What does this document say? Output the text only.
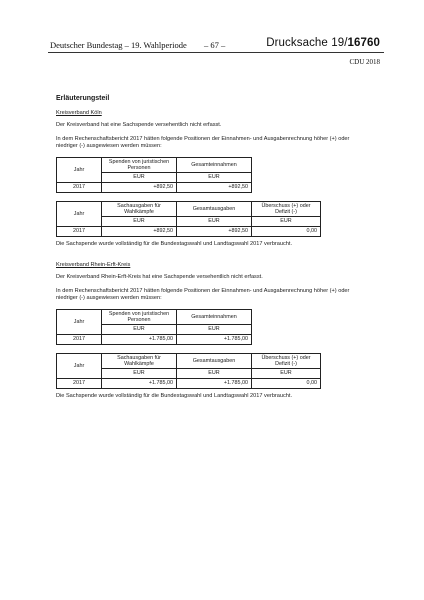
Deutscher Bundestag – 19. Wahlperiode – 67 –	Drucksache 19/16760
CDU 2018
Erläuterungsteil
Kreisverband Köln
Der Kreisverband hat eine Sachspende versehentlich nicht erfasst.
In dem Rechenschaftsbericht 2017 hätten folgende Positionen der Einnahmen- und Ausgabenrechnung höher (+) oder niedriger (-) ausgewiesen werden müssen:
Jahr	Spenden von juristischen Personen	Gesamteinnahmen
	EUR	EUR
2017	+892,50	+892,50
Jahr	Sachausgaben für Wahlkämpfe	Gesamtausgaben	Überschuss (+) oder Defizit (-)
	EUR	EUR	EUR
2017	+892,50	+892,50	0,00
Die Sachspende wurde vollständig für die Bundestagswahl und Landtagswahl 2017 verbraucht.
Kreisverband Rhein-Erft-Kreis
Der Kreisverband Rhein-Erft-Kreis hat eine Sachspende versehentlich nicht erfasst.
In dem Rechenschaftsbericht 2017 hätten folgende Positionen der Einnahmen- und Ausgabenrechnung höher (+) oder niedriger (-) ausgewiesen werden müssen:
Jahr	Spenden von juristischen Personen	Gesamteinnahmen
	EUR	EUR
2017	+1.785,00	+1.785,00
Jahr	Sachausgaben für Wahlkämpfe	Gesamtausgaben	Überschuss (+) oder Defizit (-)
	EUR	EUR	EUR
2017	+1.785,00	+1.785,00	0,00
Die Sachspende wurde vollständig für die Bundestagswahl und Landtagswahl 2017 verbraucht.
